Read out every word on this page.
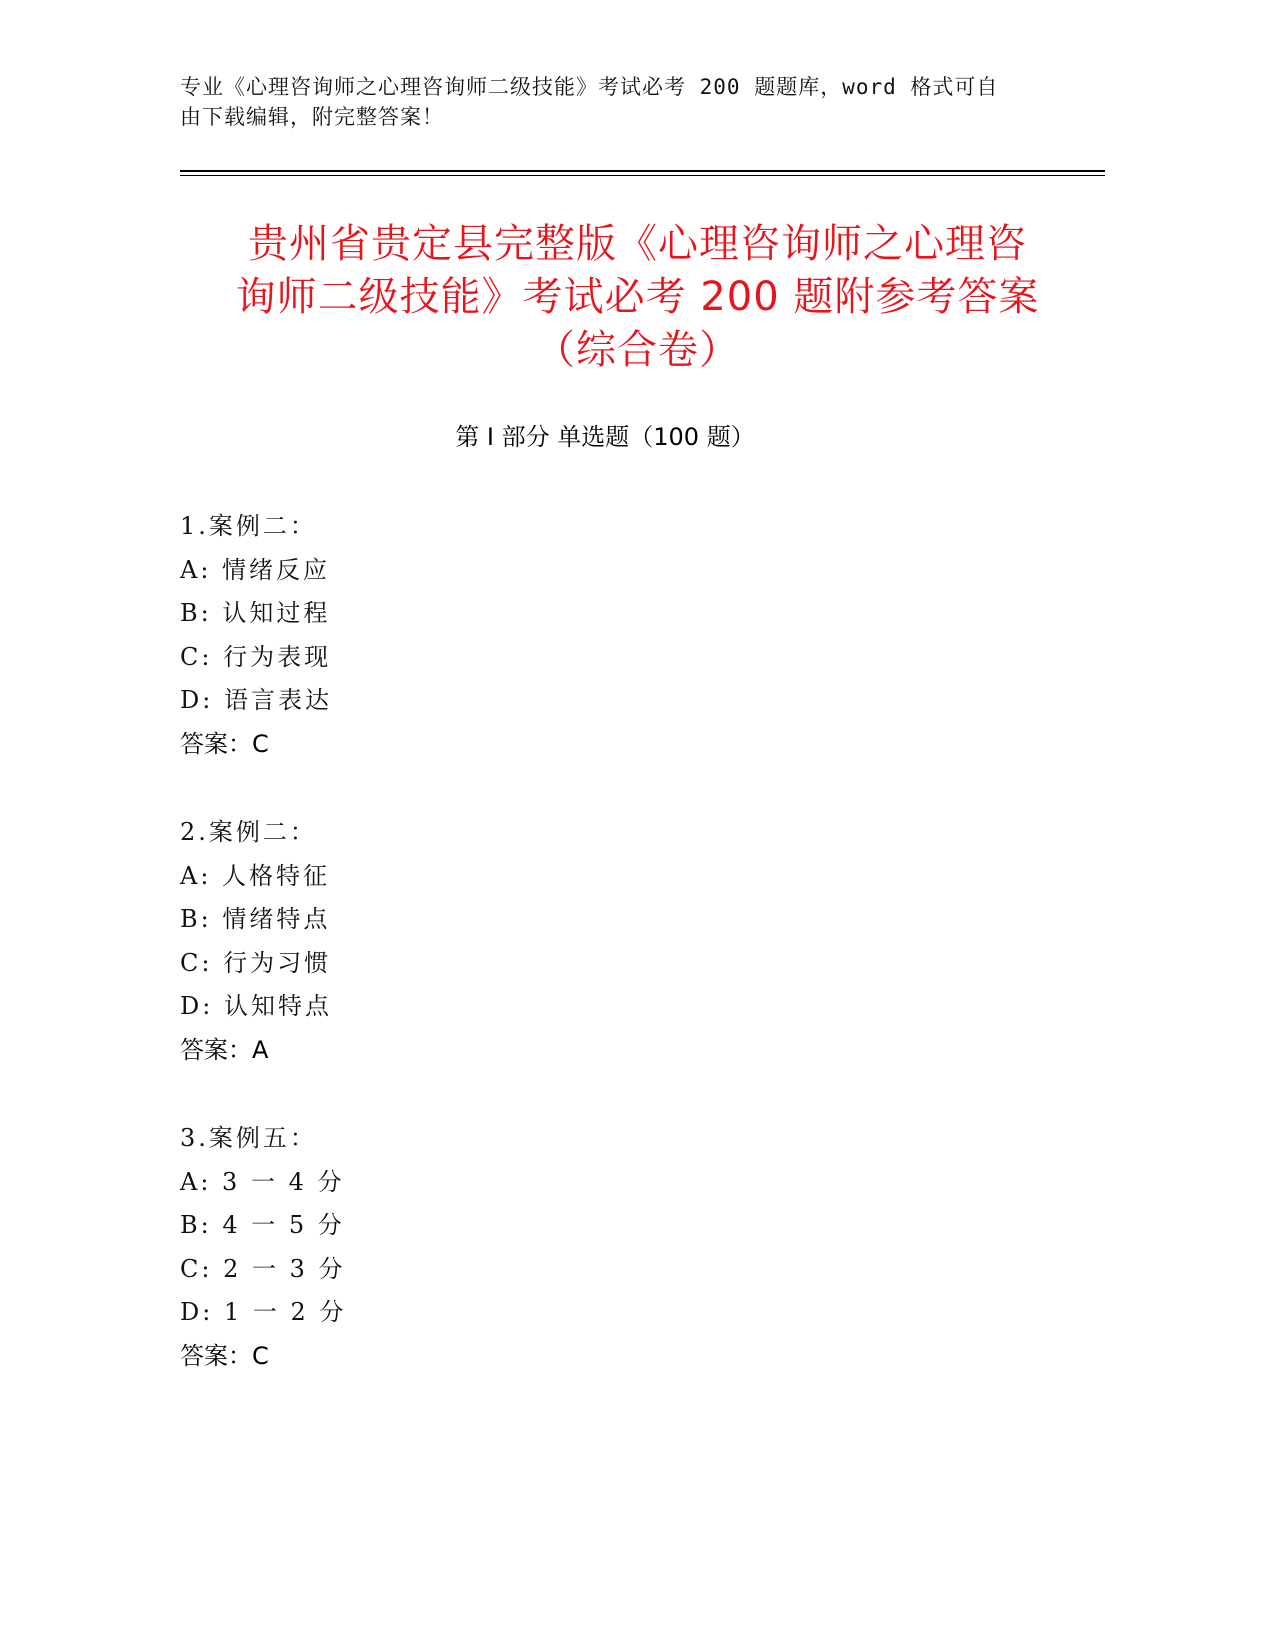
专业《心理咨询师之心理咨询师二级技能》考试必考 200 题题库，word 格式可自
由下载编辑，附完整答案！
贵州省贵定县完整版《心理咨询师之心理咨
询师二级技能》考试必考 200 题附参考答案
（综合卷）
第 I 部分 单选题（100 题）
1.案例二：
A: 情绪反应
B: 认知过程
C: 行为表现
D: 语言表达
答案：C
2.案例二：
A: 人格特征
B: 情绪特点
C: 行为习惯
D: 认知特点
答案：A
3.案例五：
A: 3 一 4 分
B: 4 一 5 分
C: 2 一 3 分
D: 1 一 2 分
答案：C
